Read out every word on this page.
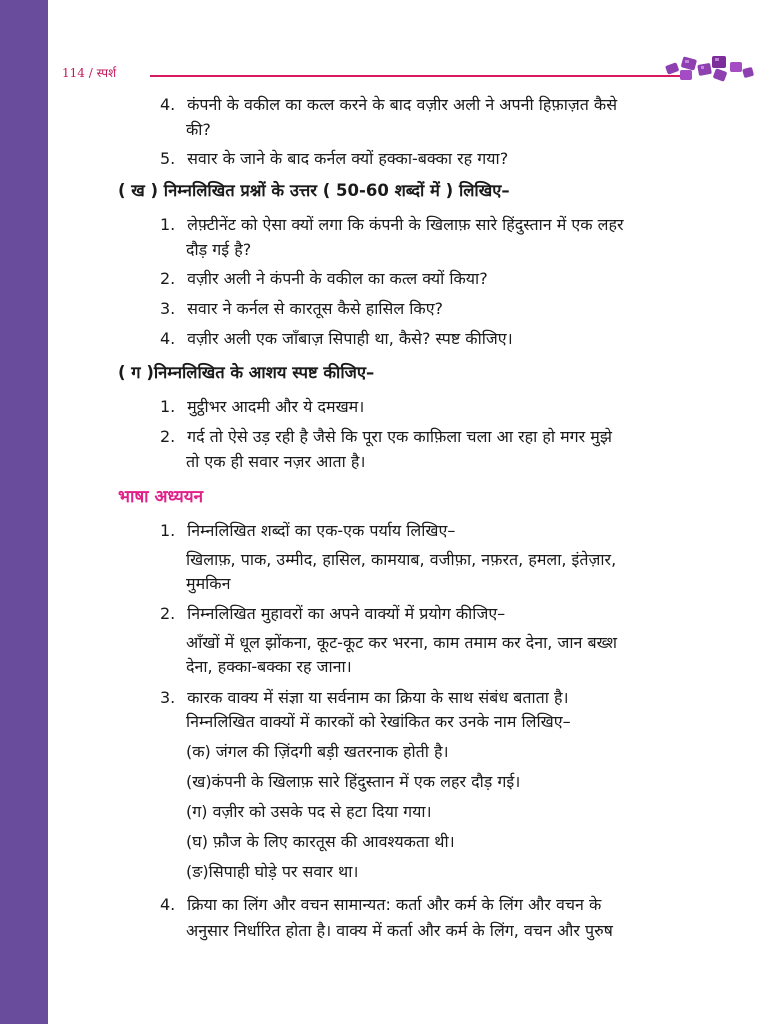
114 / स्पर्श
4. कंपनी के वकील का कत्ल करने के बाद वज़ीर अली ने अपनी हिफ़ाज़त कैसे
की?
5. सवार के जाने के बाद कर्नल क्यों हक्का-बक्का रह गया?
( ख ) निम्नलिखित प्रश्नों के उत्तर ( 50-60 शब्दों में ) लिखिए–
1. लेफ़्टीनेंट को ऐसा क्यों लगा कि कंपनी के खिलाफ़ सारे हिंदुस्तान में एक लहर
दौड़ गई है?
2. वज़ीर अली ने कंपनी के वकील का कत्ल क्यों किया?
3. सवार ने कर्नल से कारतूस कैसे हासिल किए?
4. वज़ीर अली एक जाँबाज़ सिपाही था, कैसे? स्पष्ट कीजिए।
( ग )निम्नलिखित के आशय स्पष्ट कीजिए–
1. मुट्ठीभर आदमी और ये दमखम।
2. गर्द तो ऐसे उड़ रही है जैसे कि पूरा एक काफ़िला चला आ रहा हो मगर मुझे
तो एक ही सवार नज़र आता है।
भाषा अध्ययन
1. निम्नलिखित शब्दों का एक-एक पर्याय लिखिए–
खिलाफ़, पाक, उम्मीद, हासिल, कामयाब, वजीफ़ा, नफ़रत, हमला, इंतेज़ार,
मुमकिन
2. निम्नलिखित मुहावरों का अपने वाक्यों में प्रयोग कीजिए–
आँखों में धूल झोंकना, कूट-कूट कर भरना, काम तमाम कर देना, जान बख्श
देना, हक्का-बक्का रह जाना।
3. कारक वाक्य में संज्ञा या सर्वनाम का क्रिया के साथ संबंध बताता है।
निम्नलिखित वाक्यों में कारकों को रेखांकित कर उनके नाम लिखिए–
(क) जंगल की ज़िंदगी बड़ी खतरनाक होती है।
(ख)कंपनी के खिलाफ़ सारे हिंदुस्तान में एक लहर दौड़ गई।
(ग) वज़ीर को उसके पद से हटा दिया गया।
(घ) फ़ौज के लिए कारतूस की आवश्यकता थी।
(ङ)सिपाही घोड़े पर सवार था।
4. क्रिया का लिंग और वचन सामान्यत: कर्ता और कर्म के लिंग और वचन के
अनुसार निर्धारित होता है। वाक्य में कर्ता और कर्म के लिंग, वचन और पुरुष
